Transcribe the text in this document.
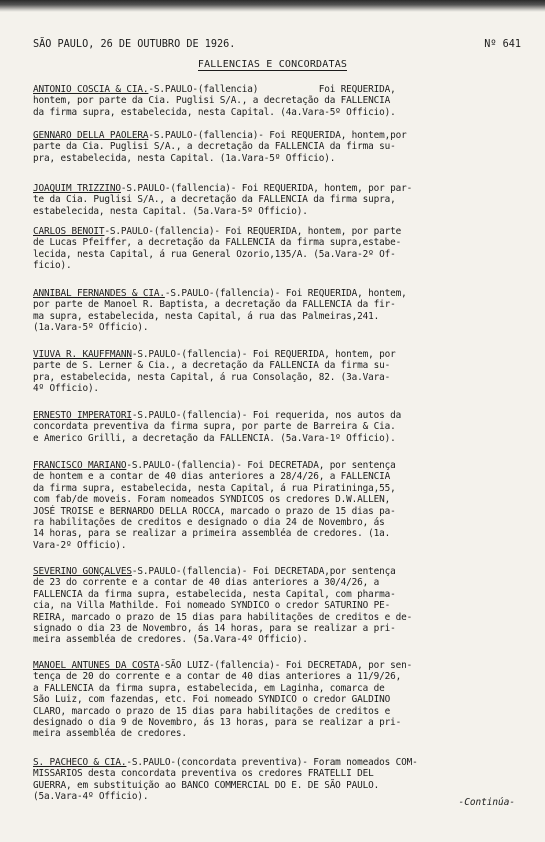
SÃO PAULO, 26 DE OUTUBRO DE 1926.	Nº 641
FALLENCIAS E CONCORDATAS
ANTONIO COSCIA & CIA.-S.PAULO-(fallencia)           Foi REQUERIDA,
hontem, por parte da Cia. Puglisi S/A., a decretação da FALLENCIA
da firma supra, estabelecida, nesta Capital. (4a.Vara-5º Officio).
GENNARO DELLA PAOLERA-S.PAULO-(fallencia)- Foi REQUERIDA, hontem,por
parte da Cia. Puglisi S/A., a decretação da FALLENCIA da firma su-
pra, estabelecida, nesta Capital. (1a.Vara-5º Officio).
JOAQUIM TRIZZINO-S.PAULO-(fallencia)- Foi REQUERIDA, hontem, por par-
te da Cia. Puglisi S/A., a decretação da FALLENCIA da firma supra,
estabelecida, nesta Capital. (5a.Vara-5º Officio).
CARLOS BENOIT-S.PAULO-(fallencia)- Foi REQUERIDA, hontem, por parte
de Lucas Pfeiffer, a decretação da FALLENCIA da firma supra,estabe-
lecida, nesta Capital, á rua General Ozorio,135/A. (5a.Vara-2º Of-
ficio).
ANNIBAL FERNANDES & CIA.-S.PAULO-(fallencia)- Foi REQUERIDA, hontem,
por parte de Manoel R. Baptista, a decretação da FALLENCIA da fir-
ma supra, estabelecida, nesta Capital, á rua das Palmeiras,241.
(1a.Vara-5º Officio).
VIUVA R. KAUFFMANN-S.PAULO-(fallencia)- Foi REQUERIDA, hontem, por
parte de S. Lerner & Cia., a decretação da FALLENCIA da firma su-
pra, estabelecida, nesta Capital, á rua Consolação, 82. (3a.Vara-
4º Officio).
ERNESTO IMPERATORI-S.PAULO-(fallencia)- Foi requerida, nos autos da
concordata preventiva da firma supra, por parte de Barreira & Cia.
e Americo Grilli, a decretação da FALLENCIA. (5a.Vara-1º Officio).
FRANCISCO MARIANO-S.PAULO-(fallencia)- Foi DECRETADA, por sentença
de hontem e a contar de 40 dias anteriores a 28/4/26, a FALLENCIA
da firma supra, estabelecida, nesta Capital, á rua Piratininga,55,
com fab/de moveis. Foram nomeados SYNDICOS os credores D.W.ALLEN,
JOSÉ TROISE e BERNARDO DELLA ROCCA, marcado o prazo de 15 dias pa-
ra habilitações de creditos e designado o dia 24 de Novembro, ás
14 horas, para se realizar a primeira assembléa de credores. (1a.
Vara-2º Officio).
SEVERINO GONÇALVES-S.PAULO-(fallencia)- Foi DECRETADA,por sentença
de 23 do corrente e a contar de 40 dias anteriores a 30/4/26, a
FALLENCIA da firma supra, estabelecida, nesta Capital, com pharma-
cia, na Villa Mathilde. Foi nomeado SYNDICO o credor SATURINO PE-
REIRA, marcado o prazo de 15 dias para habilitações de creditos e de-
signado o dia 23 de Novembro, ás 14 horas, para se realizar a pri-
meira assembléa de credores. (5a.Vara-4º Officio).
MANOEL ANTUNES DA COSTA-SÃO LUIZ-(fallencia)- Foi DECRETADA, por sen-
tença de 20 do corrente e a contar de 40 dias anteriores a 11/9/26,
a FALLENCIA da firma supra, estabelecida, em Laginha, comarca de
São Luiz, com fazendas, etc. Foi nomeado SYNDICO o credor GALDINO
CLARO, marcado o prazo de 15 dias para habilitações de creditos e
designado o dia 9 de Novembro, ás 13 horas, para se realizar a pri-
meira assembléa de credores.
S. PACHECO & CIA.-S.PAULO-(concordata preventiva)- Foram nomeados COM-
MISSARIOS desta concordata preventiva os credores FRATELLI DEL
GUERRA, em substituição ao BANCO COMMERCIAL DO E. DE SÃO PAULO.
(5a.Vara-4º Officio).
-Continúa-
